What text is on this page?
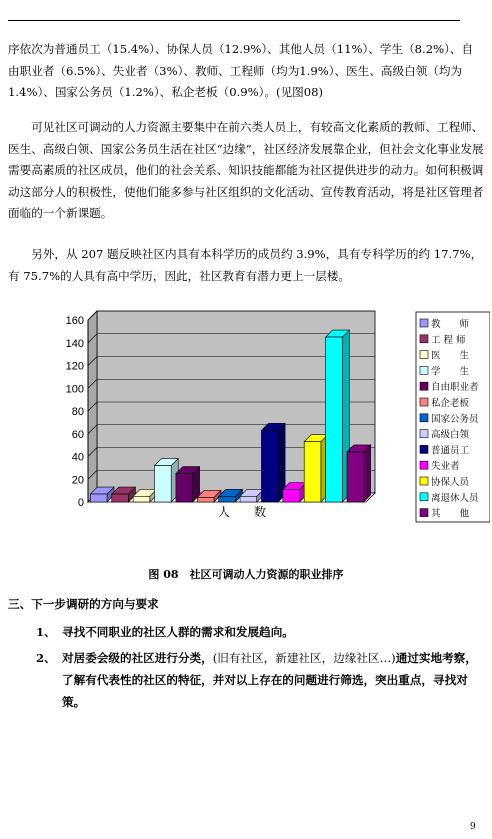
序依次为普通员工（15.4%）、协保人员（12.9%）、其他人员（11%）、学生（8.2%）、自由职业者（6.5%）、失业者（3%）、教师、工程师（均为1.9%）、医生、高级白领（均为1.4%）、国家公务员（1.2%）、私企老板（0.9%）。(见图08)

可见社区可调动的人力资源主要集中在前六类人员上，有较高文化素质的教师、工程师、医生、高级白领、国家公务员生活在社区“边缘”，社区经济发展靠企业，但社会文化事业发展需要高素质的社区成员，他们的社会关系、知识技能都能为社区提供进步的动力。如何积极调动这部分人的积极性，使他们能多参与社区组织的文化活动、宣传教育活动，将是社区管理者面临的一个新课题。

另外，从 207 题反映社区内具有本科学历的成员约 3.9%，具有专科学历的约 17.7%，有 75.7%的人具有高中学历，因此，社区教育有潜力更上一层楼。

0
20
40
60
80
100
120
140
160
人　　数
教　　师
工 程 师
医　　生
学　　生
自由职业者
私企老板
国家公务员
高级白领
普通员工
失业者
协保人员
离退休人员
其　　他
图 08　社区可调动人力资源的职业排序
三、下一步调研的方向与要求
1、 寻找不同职业的社区人群的需求和发展趋向。
2、 对居委会级的社区进行分类，(旧有社区，新建社区，边缘社区…)通过实地考察，了解有代表性的社区的特征，并对以上存在的问题进行筛选，突出重点，寻找对策。
9
